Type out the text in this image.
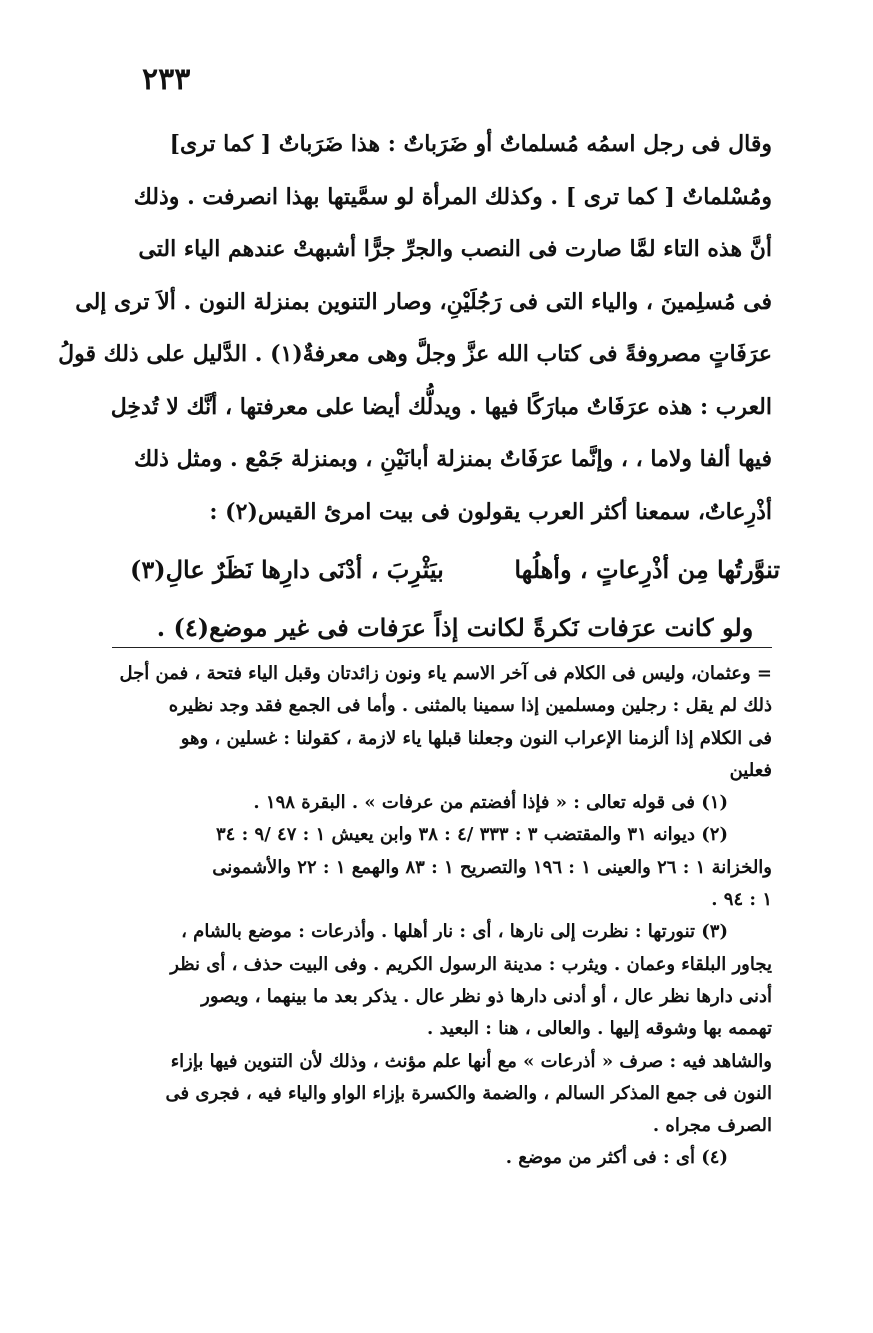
٢٣٣
وقال فى رجل اسمُه مُسلماتٌ أو ضَرَباتٌ : هذا ضَرَباتٌ [ كما ترى]
ومُسْلماتٌ [ كما ترى ] . وكذلك المرأة لو سمَّيتها بهذا انصرفت . وذلك
أنَّ هذه التاء لمَّا صارت فى النصب والجرِّ جرًّا أشبهتْ عندهم الياء التى
فى مُسلِمينَ ، والياء التى فى رَجُلَيْنِ، وصار التنوين بمنزلة النون . ألاَ ترى إلى
عرَفَاتٍ مصروفةً فى كتاب الله عزَّ وجلَّ وهى معرفةٌ(١) . الدَّليل على ذلك قولُ
العرب : هذه عرَفَاتٌ مبارَكًا فيها . ويدلُّك أيضا على معرفتها ، أنَّك لا تُدخِل
فيها ألفا ولاما ، ، وإنَّما عرَفَاتٌ بمنزلة أبانَيْنِ ، وبمنزلة جَمْع . ومثل ذلك
أذْرِعاتٌ، سمعنا أكثر العرب يقولون فى بيت امرئ القيس(٢) :
تنوَّرتُها مِن أذْرِعاتٍ ، وأهلُها
بيَثْرِبَ ، أدْنَى دارِها نَظَرٌ عالِ(٣)
ولو كانت عرَفات نَكرةً لكانت إذاً عرَفات فى غير موضع(٤) .
= وعثمان، وليس فى الكلام فى آخر الاسم ياء ونون زائدتان وقبل الياء فتحة ، فمن أجل
ذلك لم يقل : رجلين ومسلمين إذا سمينا بالمثنى . وأما فى الجمع فقد وجد نظيره
فى الكلام إذا ألزمنا الإعراب النون وجعلنا قبلها ياء لازمة ، كقولنا : غسلين ، وهو
فعلين
(١) فى قوله تعالى : « فإذا أفضتم من عرفات » . البقرة ١٩٨ .
(٢) ديوانه ٣١ والمقتضب ٣ : ٣٣٣ /٤ : ٣٨ وابن يعيش ١ : ٤٧ /٩ : ٣٤
والخزانة ١ : ٢٦ والعينى ١ : ١٩٦ والتصريح ١ : ٨٣ والهمع ١ : ٢٢ والأشمونى
١ : ٩٤ .
(٣) تنورتها : نظرت إلى نارها ، أى : نار أهلها . وأذرعات : موضع بالشام ،
يجاور البلقاء وعمان . ويثرب : مدينة الرسول الكريم . وفى البيت حذف ، أى نظر
أدنى دارها نظر عال ، أو أدنى دارها ذو نظر عال . يذكر بعد ما بينهما ، ويصور
تهممه بها وشوقه إليها . والعالى ، هنا : البعيد .
والشاهد فيه : صرف « أذرعات » مع أنها علم مؤنث ، وذلك لأن التنوين فيها بإزاء
النون فى جمع المذكر السالم ، والضمة والكسرة بإزاء الواو والياء فيه ، فجرى فى
الصرف مجراه .
(٤) أى : فى أكثر من موضع .
